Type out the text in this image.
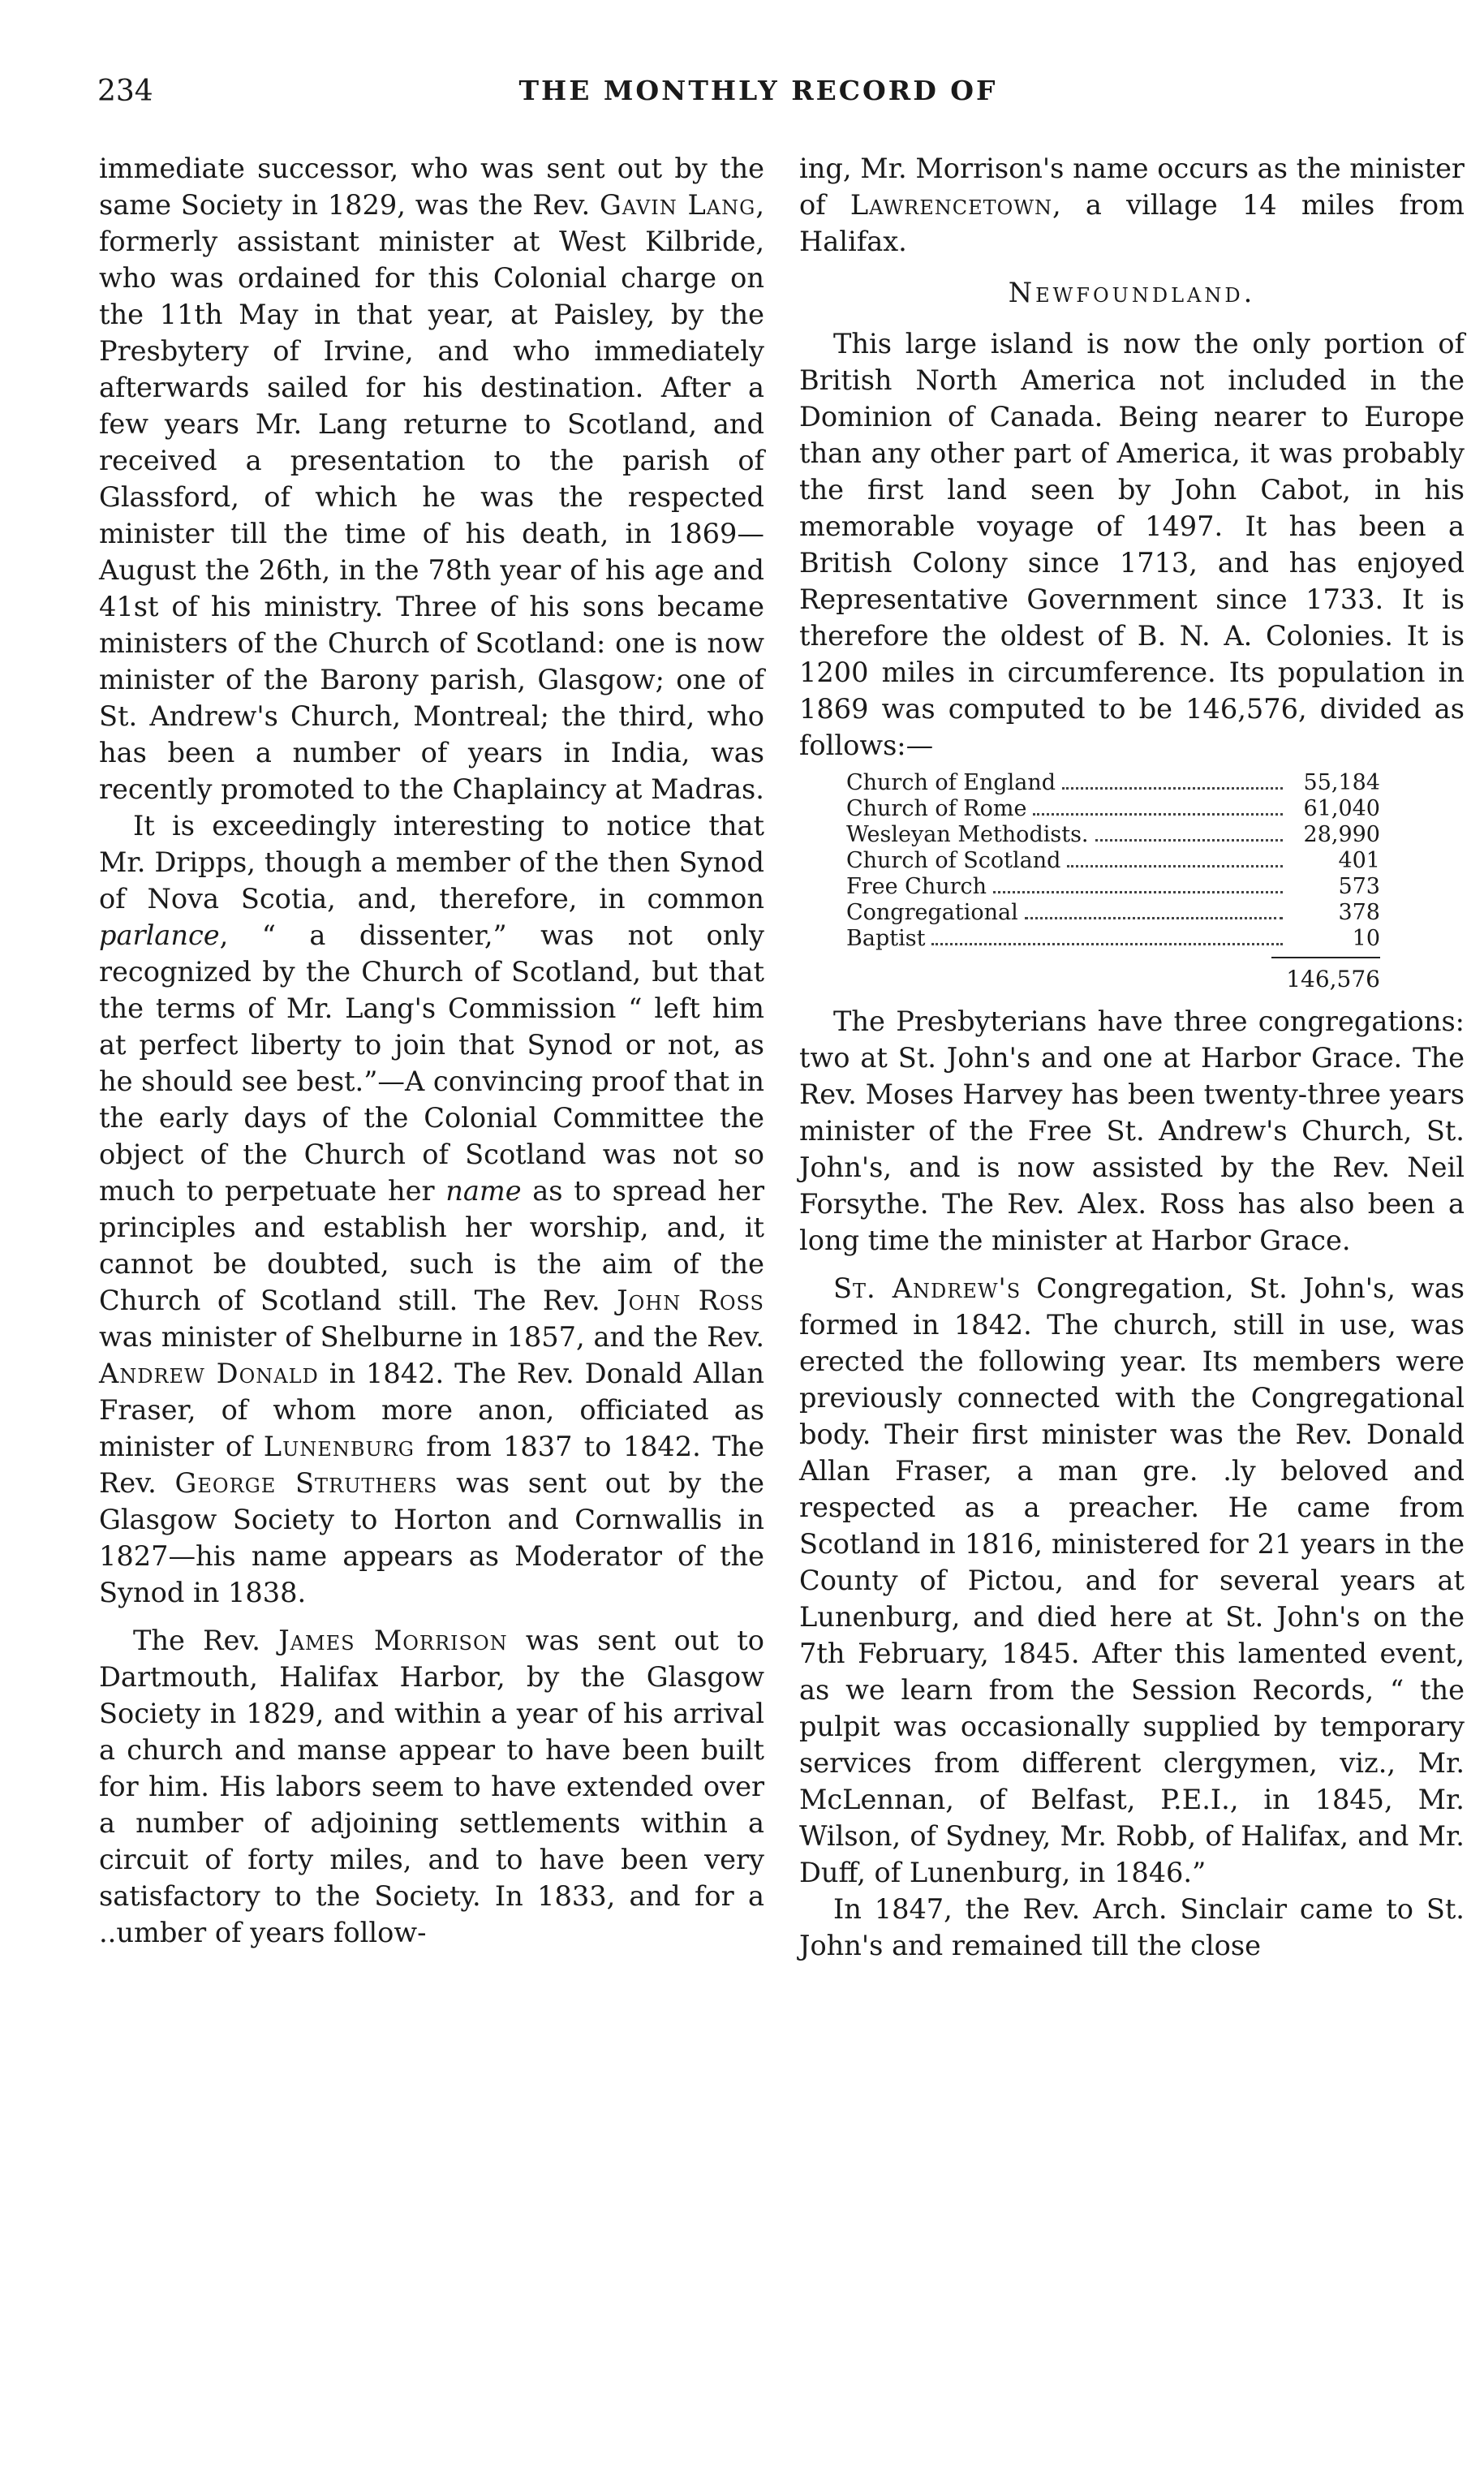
234	THE MONTHLY RECORD OF

immediate successor, who was sent out by the same Society in 1829, was the Rev. Gavin Lang, formerly assistant minister at West Kilbride, who was ordained for this Colonial charge on the 11th May in that year, at Paisley, by the Presbytery of Irvine, and who immediately afterwards sailed for his destination. After a few years Mr. Lang returne to Scotland, and received a presentation to the parish of Glassford, of which he was the respected minister till the time of his death, in 1869—August the 26th, in the 78th year of his age and 41st of his ministry. Three of his sons became ministers of the Church of Scotland: one is now minister of the Barony parish, Glasgow; one of St. Andrew's Church, Montreal; the third, who has been a number of years in India, was recently promoted to the Chaplaincy at Madras.

It is exceedingly interesting to notice that Mr. Dripps, though a member of the then Synod of Nova Scotia, and, therefore, in common parlance, “ a dissenter,” was not only recognized by the Church of Scotland, but that the terms of Mr. Lang's Commission “ left him at perfect liberty to join that Synod or not, as he should see best.”—A convincing proof that in the early days of the Colonial Committee the object of the Church of Scotland was not so much to perpetuate her name as to spread her principles and establish her worship, and, it cannot be doubted, such is the aim of the Church of Scotland still. The Rev. John Ross was minister of Shelburne in 1857, and the Rev. Andrew Donald in 1842. The Rev. Donald Allan Fraser, of whom more anon, officiated as minister of Lunenburg from 1837 to 1842. The Rev. George Struthers was sent out by the Glasgow Society to Horton and Cornwallis in 1827—his name appears as Moderator of the Synod in 1838.

The Rev. James Morrison was sent out to Dartmouth, Halifax Harbor, by the Glasgow Society in 1829, and within a year of his arrival a church and manse appear to have been built for him. His labors seem to have extended over a number of adjoining settlements within a circuit of forty miles, and to have been very satisfactory to the Society. In 1833, and for a ..umber of years follow-

ing, Mr. Morrison's name occurs as the minister of Lawrencetown, a village 14 miles from Halifax.

Newfoundland.

This large island is now the only portion of British North America not included in the Dominion of Canada. Being nearer to Europe than any other part of America, it was probably the first land seen by John Cabot, in his memorable voyage of 1497. It has been a British Colony since 1713, and has enjoyed Representative Government since 1733. It is therefore the oldest of B. N. A. Colonies. It is 1200 miles in circumference. Its population in 1869 was computed to be 146,576, divided as follows:—

Church of England	55,184
Church of Rome	61,040
Wesleyan Methodists.	28,990
Church of Scotland	401
Free Church	573
Congregational	378
Baptist	10
146,576

The Presbyterians have three congregations: two at St. John's and one at Harbor Grace. The Rev. Moses Harvey has been twenty-three years minister of the Free St. Andrew's Church, St. John's, and is now assisted by the Rev. Neil Forsythe. The Rev. Alex. Ross has also been a long time the minister at Harbor Grace.

St. Andrew's Congregation, St. John's, was formed in 1842. The church, still in use, was erected the following year. Its members were previously connected with the Congregational body. Their first minister was the Rev. Donald Allan Fraser, a man gre. .ly beloved and respected as a preacher. He came from Scotland in 1816, ministered for 21 years in the County of Pictou, and for several years at Lunenburg, and died here at St. John's on the 7th February, 1845. After this lamented event, as we learn from the Session Records, “ the pulpit was occasionally supplied by temporary services from different clergymen, viz., Mr. McLennan, of Belfast, P.E.I., in 1845, Mr. Wilson, of Sydney, Mr. Robb, of Halifax, and Mr. Duff, of Lunenburg, in 1846.”

In 1847, the Rev. Arch. Sinclair came to St. John's and remained till the close
